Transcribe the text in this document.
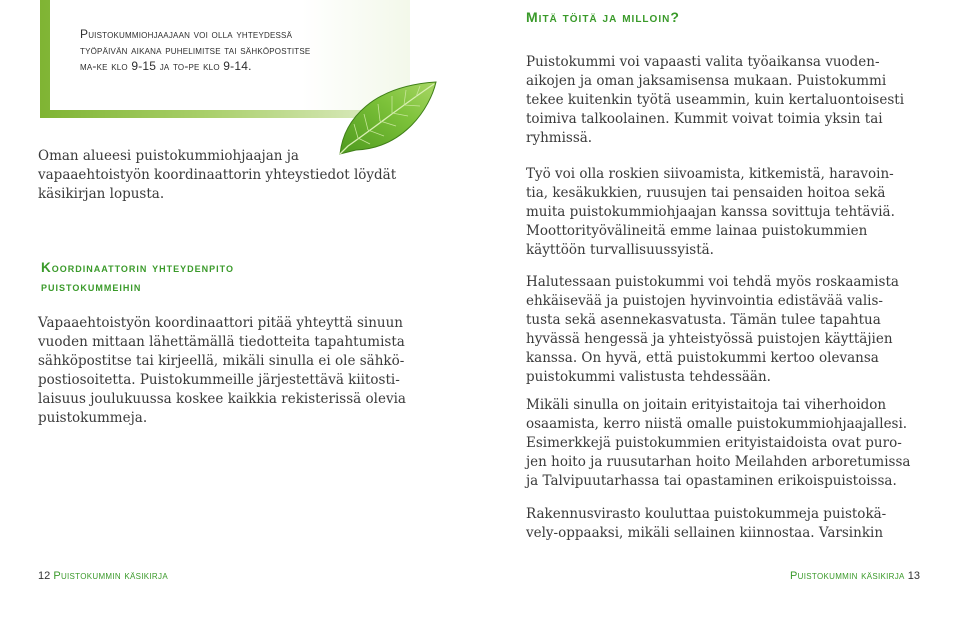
Puistokummiohjaajaan voi olla yhteydessä
työpäivän aikana puhelimitse tai sähköpostitse
ma-ke klo 9-15 ja to-pe klo 9-14.
Oman alueesi puistokummiohjaajan ja
vapaaehtoistyön koordinaattorin yhteystiedot löydät
käsikirjan lopusta.
Koordinaattorin yhteydenpito
puistokummeihin
Vapaaehtoistyön koordinaattori pitää yhteyttä sinuun
vuoden mittaan lähettämällä tiedotteita tapahtumista
sähköpostitse tai kirjeellä, mikäli sinulla ei ole sähkö-
postiosoitetta. Puistokummeille järjestettävä kiitosti-
laisuus joulukuussa koskee kaikkia rekisterissä olevia
puistokummeja.
Mitä töitä ja milloin?
Puistokummi voi vapaasti valita työaikansa vuoden-
aikojen ja oman jaksamisensa mukaan. Puistokummi
tekee kuitenkin työtä useammin, kuin kertaluontoisesti
toimiva talkoolainen. Kummit voivat toimia yksin tai
ryhmissä.
Työ voi olla roskien siivoamista, kitkemistä, haravoin-
tia, kesäkukkien, ruusujen tai pensaiden hoitoa sekä
muita puistokummiohjaajan kanssa sovittuja tehtäviä.
Moottorityövälineitä emme lainaa puistokummien
käyttöön turvallisuussyistä.
Halutessaan puistokummi voi tehdä myös roskaamista
ehkäisevää ja puistojen hyvinvointia edistävää valis-
tusta sekä asennekasvatusta. Tämän tulee tapahtua
hyvässä hengessä ja yhteistyössä puistojen käyttäjien
kanssa. On hyvä, että puistokummi kertoo olevansa
puistokummi valistusta tehdessään.
Mikäli sinulla on joitain erityistaitoja tai viherhoidon
osaamista, kerro niistä omalle puistokummiohjaajallesi.
Esimerkkejä puistokummien erityistaidoista ovat puro-
jen hoito ja ruusutarhan hoito Meilahden arboretumissa
ja Talvipuutarhassa tai opastaminen erikoispuistoissa.
Rakennusvirasto kouluttaa puistokummeja puistokä-
vely-oppaaksi, mikäli sellainen kiinnostaa. Varsinkin
12 Puistokummin käsikirja	Puistokummin käsikirja 13
